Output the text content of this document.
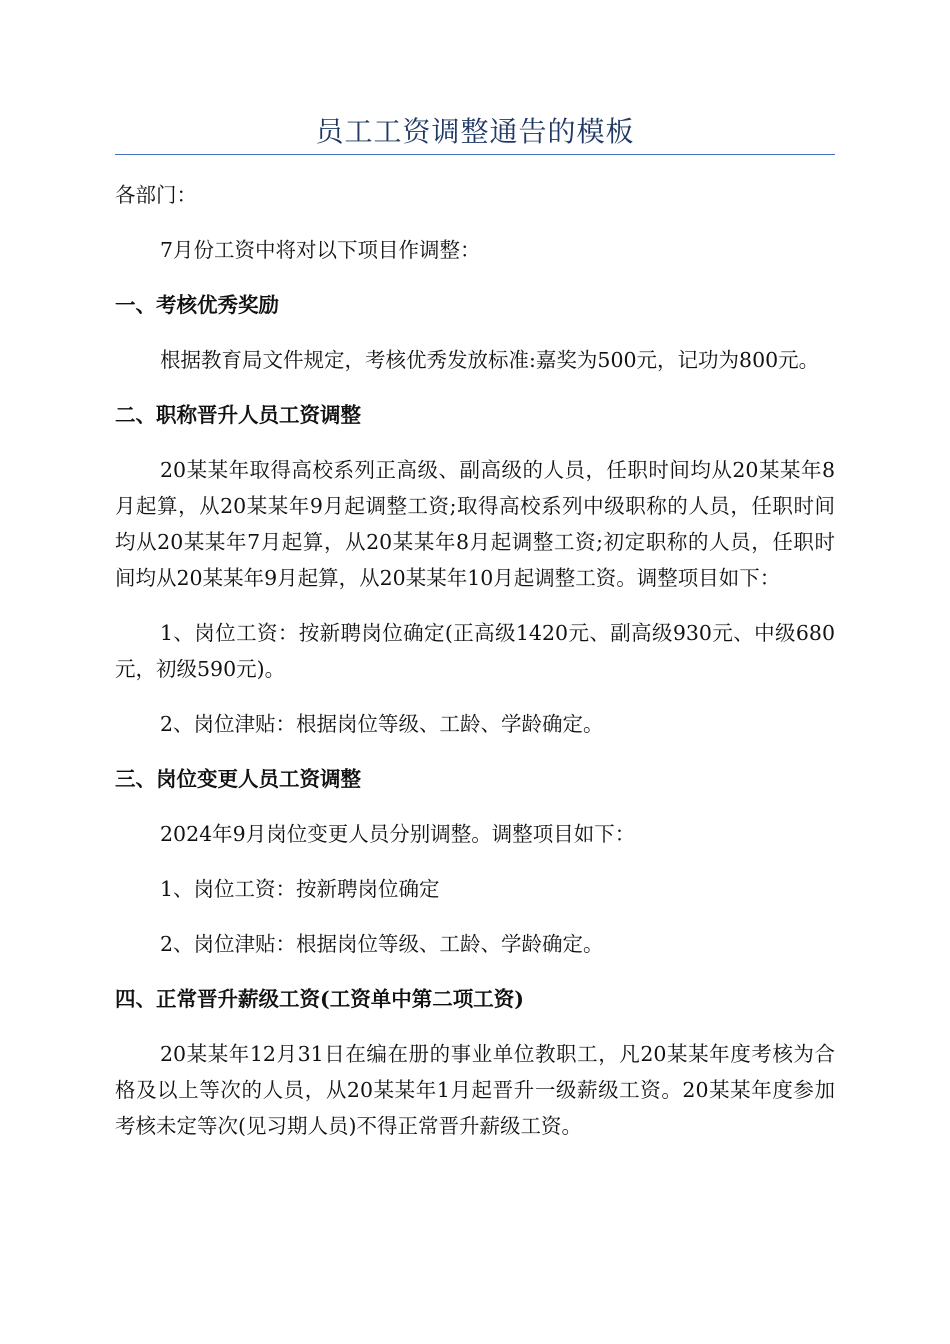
员工工资调整通告的模板

各部门：

7月份工资中将对以下项目作调整：

一、考核优秀奖励

根据教育局文件规定，考核优秀发放标准:嘉奖为500元，记功为800元。

二、职称晋升人员工资调整

20某某年取得高校系列正高级、副高级的人员，任职时间均从20某某年8月起算，从20某某年9月起调整工资;取得高校系列中级职称的人员，任职时间均从20某某年7月起算，从20某某年8月起调整工资;初定职称的人员，任职时间均从20某某年9月起算，从20某某年10月起调整工资。调整项目如下：

1、岗位工资：按新聘岗位确定(正高级1420元、副高级930元、中级680元，初级590元)。

2、岗位津贴：根据岗位等级、工龄、学龄确定。

三、岗位变更人员工资调整

2024年9月岗位变更人员分别调整。调整项目如下：

1、岗位工资：按新聘岗位确定

2、岗位津贴：根据岗位等级、工龄、学龄确定。

四、正常晋升薪级工资(工资单中第二项工资)

20某某年12月31日在编在册的事业单位教职工，凡20某某年度考核为合格及以上等次的人员，从20某某年1月起晋升一级薪级工资。20某某年度参加考核未定等次(见习期人员)不得正常晋升薪级工资。
